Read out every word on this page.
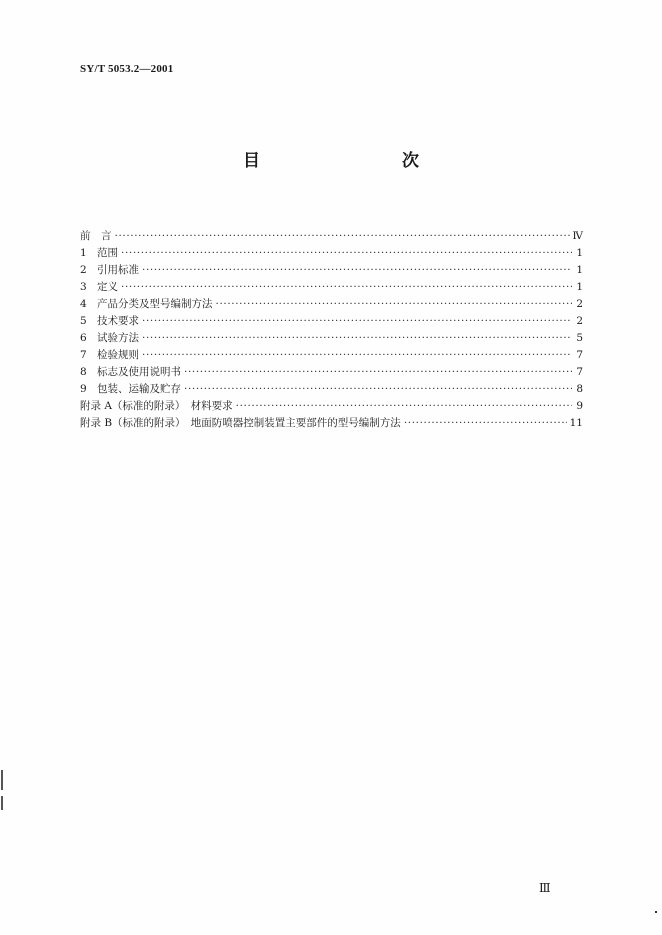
SY/T 5053.2—2001
目　　次
前　言 ·····	Ⅳ
1 范围 ·····	1
2 引用标准 ·····	1
3 定义 ·····	1
4 产品分类及型号编制方法 ·····	2
5 技术要求 ·····	2
6 试验方法 ·····	5
7 检验规则 ·····	7
8 标志及使用说明书 ·····	7
9 包装、运输及贮存 ·····	8
附录 A（标准的附录）　材料要求 ·····	9
附录 B（标准的附录）　地面防喷器控制装置主要部件的型号编制方法 ·····	11
Ⅲ
